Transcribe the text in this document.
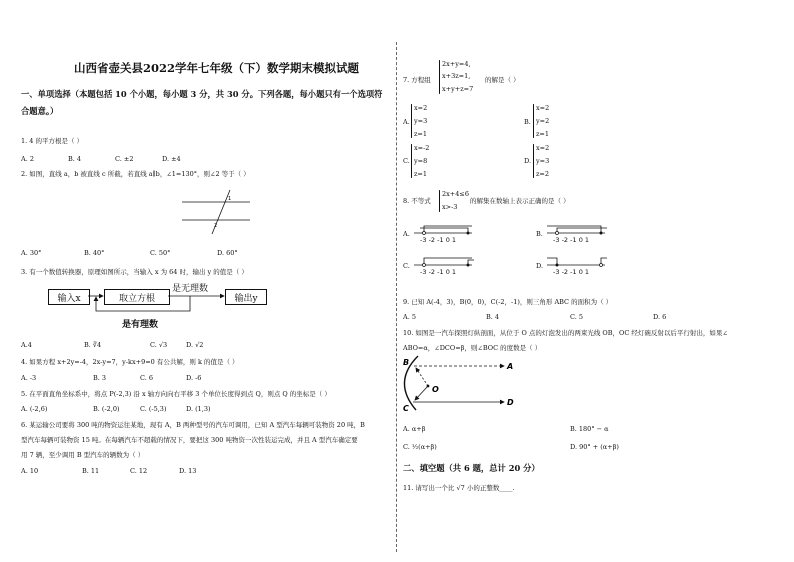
山西省壶关县2022学年七年级（下）数学期末模拟试题
一、单项选择（本题包括 10 个小题，每小题 3 分，共 30 分。下列各题，每小题只有一个选项符
合题意。）
1. 4 的平方根是（ ）
A. 2	B. 4	C. ±2	D. ±4
2. 如图，直线 a，b 被直线 c 所截，若直线 a∥b，∠1=130°，则∠2 等于（ ）
1
2
A. 30°	B. 40°	C. 50°	D. 60°
3. 有一个数值转换器，原理如图所示，当输入 x 为 64 时，输出 y 的值是（ ）
输入x	取立方根	输出y
是无理数
是有理数
A.4	B. ∛4	C. √3	D. √2
4. 如果方程 x+2y=-4，2x-y=7，y-kx+9=0 有公共解，则 k 的值是（ ）
A. -3	B. 3	C. 6	D. -6
5. 在平面直角坐标系中，将点 P(-2,3) 沿 x 轴方向向右平移 3 个单位长度得到点 Q，则点 Q 的坐标是（ ）
A. (-2,6)	B. (-2,0)	C. (-5,3)	D. (1,3)
6. 某运输公司要将 300 吨的物资运往某地，现有 A，B 两种型号的汽车可调用，已知 A 型汽车每辆可装物资 20 吨，B
型汽车每辆可装物资 15 吨。在每辆汽车不超载的情况下，要把这 300 吨物资一次性装运完成，并且 A 型汽车确定要
用 7 辆，至少调用 B 型汽车的辆数为（ ）
A. 10	B. 11	C. 12	D. 13
7. 方程组
2x+y=4,
x+3z=1,
x+y+z=7
的解是（ ）
A.
x=2
y=3
z=1
B.
x=2
y=2
z=1
C.
x=-2
y=8
z=1
D.
x=2
y=3
z=2
8. 不等式
2x+4≤6
x>-3
的解集在数轴上表示正确的是（ ）
A.	B.
C.	D.
-3 -2 -1 0 1	-3 -2 -1 0 1
-3 -2 -1 0 1	-3 -2 -1 0 1
9. 已知 A(-4，3)，B(0，0)，C(-2，-1)，则三角形 ABC 的面积为（ ）
A. 5	B. 4	C. 5	D. 6
10. 如图是一汽车探照灯纵剖面，从位于 O 点的灯泡发出的两束光线 OB，OC 经灯碗反射以后平行射出，如果∠
ABO=α，∠DCO=β，则∠BOC 的度数是（ ）
B	A
O
C
D
A. α+β	B. 180° − α
C. ½(α+β)	D. 90° + (α+β)
二、填空题（共 6 题，总计 20 分）
11. 请写出一个比 √7 小的正整数____.
